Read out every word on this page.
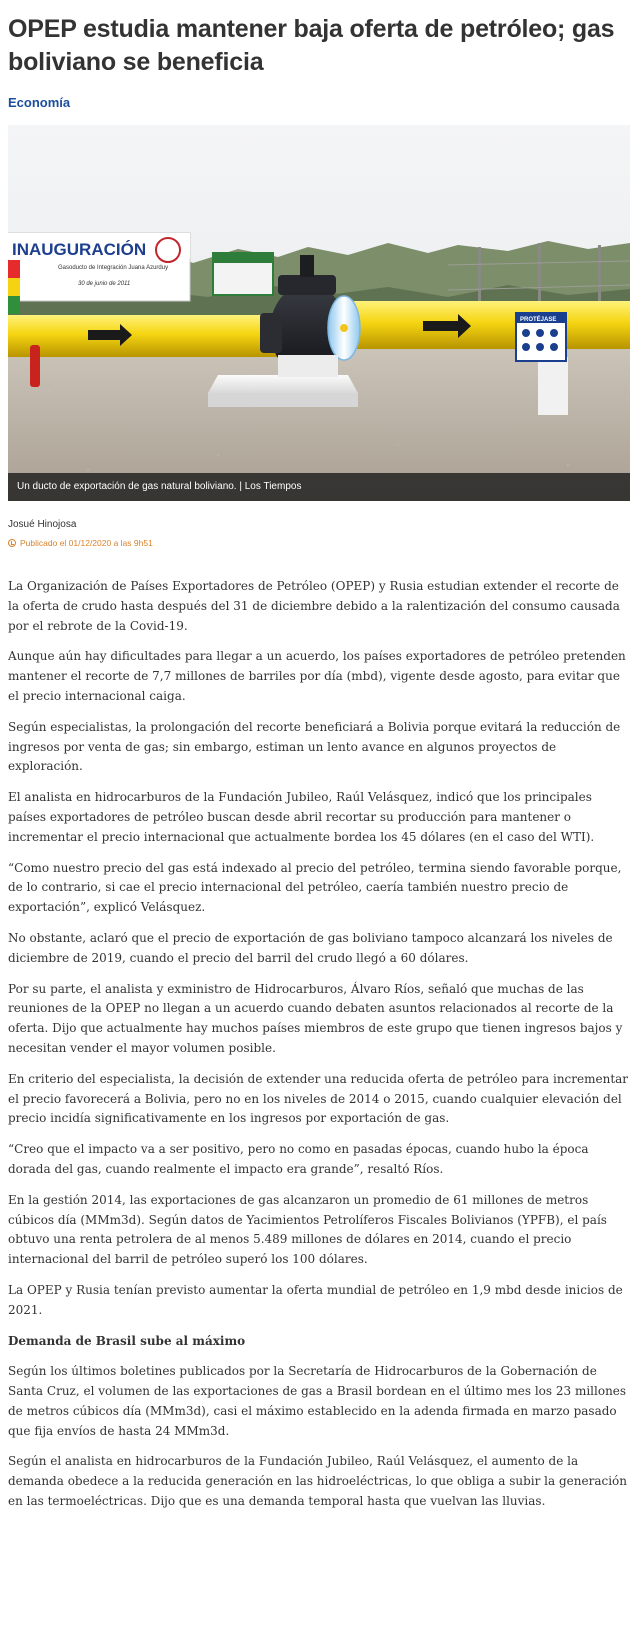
OPEP estudia mantener baja oferta de petróleo; gas boliviano se beneficia
Economía
INAUGURACIÓN
Gasoducto de Integración Juana Azurduy
30 de junio de 2011
PROTÉJASE
Un ducto de exportación de gas natural boliviano. | Los Tiempos
Josué Hinojosa
Publicado el 01/12/2020 a las 9h51

La Organización de Países Exportadores de Petróleo (OPEP) y Rusia estudian extender el recorte de la oferta de crudo hasta después del 31 de diciembre debido a la ralentización del consumo causada por el rebrote de la Covid-19.

Aunque aún hay dificultades para llegar a un acuerdo, los países exportadores de petróleo pretenden mantener el recorte de 7,7 millones de barriles por día (mbd), vigente desde agosto, para evitar que el precio internacional caiga.

Según especialistas, la prolongación del recorte beneficiará a Bolivia porque evitará la reducción de ingresos por venta de gas; sin embargo, estiman un lento avance en algunos proyectos de exploración.

El analista en hidrocarburos de la Fundación Jubileo, Raúl Velásquez, indicó que los principales países exportadores de petróleo buscan desde abril recortar su producción para mantener o incrementar el precio internacional que actualmente bordea los 45 dólares (en el caso del WTI).

“Como nuestro precio del gas está indexado al precio del petróleo, termina siendo favorable porque, de lo contrario, si cae el precio internacional del petróleo, caería también nuestro precio de exportación”, explicó Velásquez.

No obstante, aclaró que el precio de exportación de gas boliviano tampoco alcanzará los niveles de diciembre de 2019, cuando el precio del barril del crudo llegó a 60 dólares.

Por su parte, el analista y exministro de Hidrocarburos, Álvaro Ríos, señaló que muchas de las reuniones de la OPEP no llegan a un acuerdo cuando debaten asuntos relacionados al recorte de la oferta. Dijo que actualmente hay muchos países miembros de este grupo que tienen ingresos bajos y necesitan vender el mayor volumen posible.

En criterio del especialista, la decisión de extender una reducida oferta de petróleo para incrementar el precio favorecerá a Bolivia, pero no en los niveles de 2014 o 2015, cuando cualquier elevación del precio incidía significativamente en los ingresos por exportación de gas.

“Creo que el impacto va a ser positivo, pero no como en pasadas épocas, cuando hubo la época dorada del gas, cuando realmente el impacto era grande”, resaltó Ríos.

En la gestión 2014, las exportaciones de gas alcanzaron un promedio de 61 millones de metros cúbicos día (MMm3d). Según datos de Yacimientos Petrolíferos Fiscales Bolivianos (YPFB), el país obtuvo una renta petrolera de al menos 5.489 millones de dólares en 2014, cuando el precio internacional del barril de petróleo superó los 100 dólares.

La OPEP y Rusia tenían previsto aumentar la oferta mundial de petróleo en 1,9 mbd desde inicios de 2021.

Demanda de Brasil sube al máximo

Según los últimos boletines publicados por la Secretaría de Hidrocarburos de la Gobernación de Santa Cruz, el volumen de las exportaciones de gas a Brasil bordean en el último mes los 23 millones de metros cúbicos día (MMm3d), casi el máximo establecido en la adenda firmada en marzo pasado que fija envíos de hasta 24 MMm3d.

Según el analista en hidrocarburos de la Fundación Jubileo, Raúl Velásquez, el aumento de la demanda obedece a la reducida generación en las hidroeléctricas, lo que obliga a subir la generación en las termoeléctricas. Dijo que es una demanda temporal hasta que vuelvan las lluvias.
